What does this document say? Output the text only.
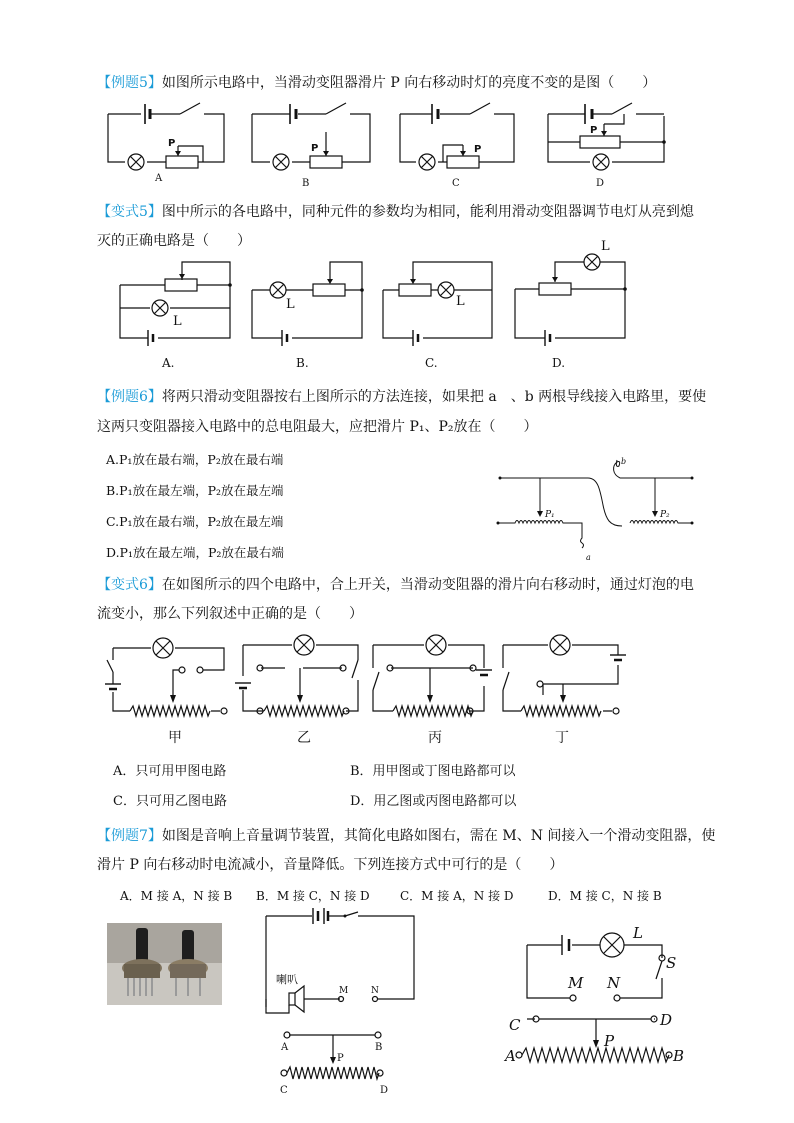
【例题5】如图所示电路中，当滑动变阻器滑片 P 向右移动时灯的亮度不变的是图（　　）
P
A
P
B
P
C
P
D
【变式5】图中所示的各电路中，同种元件的参数均为相同，能利用滑动变阻器调节电灯从亮到熄
灭的正确电路是（　　）
L
A.
L
B.
L
C.
L
D.
【例题6】将两只滑动变阻器按右上图所示的方法连接，如果把 a　、b 两根导线接入电路里，要使
这两只变阻器接入电路中的总电阻最大，应把滑片 P₁、P₂放在（　　）
A.P₁放在最右端，P₂放在最右端
B.P₁放在最左端，P₂放在最左端
C.P₁放在最右端，P₂放在最左端
D.P₁放在最左端，P₂放在最右端
P₁	P₂
a
b
【变式6】在如图所示的四个电路中，合上开关，当滑动变阻器的滑片向右移动时，通过灯泡的电
流变小，那么下列叙述中正确的是（　　）
甲	乙	丙	丁
A．只可用甲图电路	B．用甲图或丁图电路都可以
C．只可用乙图电路	D．用乙图或丙图电路都可以
【例题7】如图是音响上音量调节装置，其简化电路如图右，需在 M、N 间接入一个滑动变阻器，使
滑片 P 向右移动时电流减小，音量降低。下列连接方式中可行的是（　　）
A．M 接 A，N 接 B B．M 接 C，N 接 D	C．M 接 A，N 接 D	D．M 接 C，N 接 B
喇叭
M	N
P
A	B
C	D
L
S
M N
C	D
P
A	B
